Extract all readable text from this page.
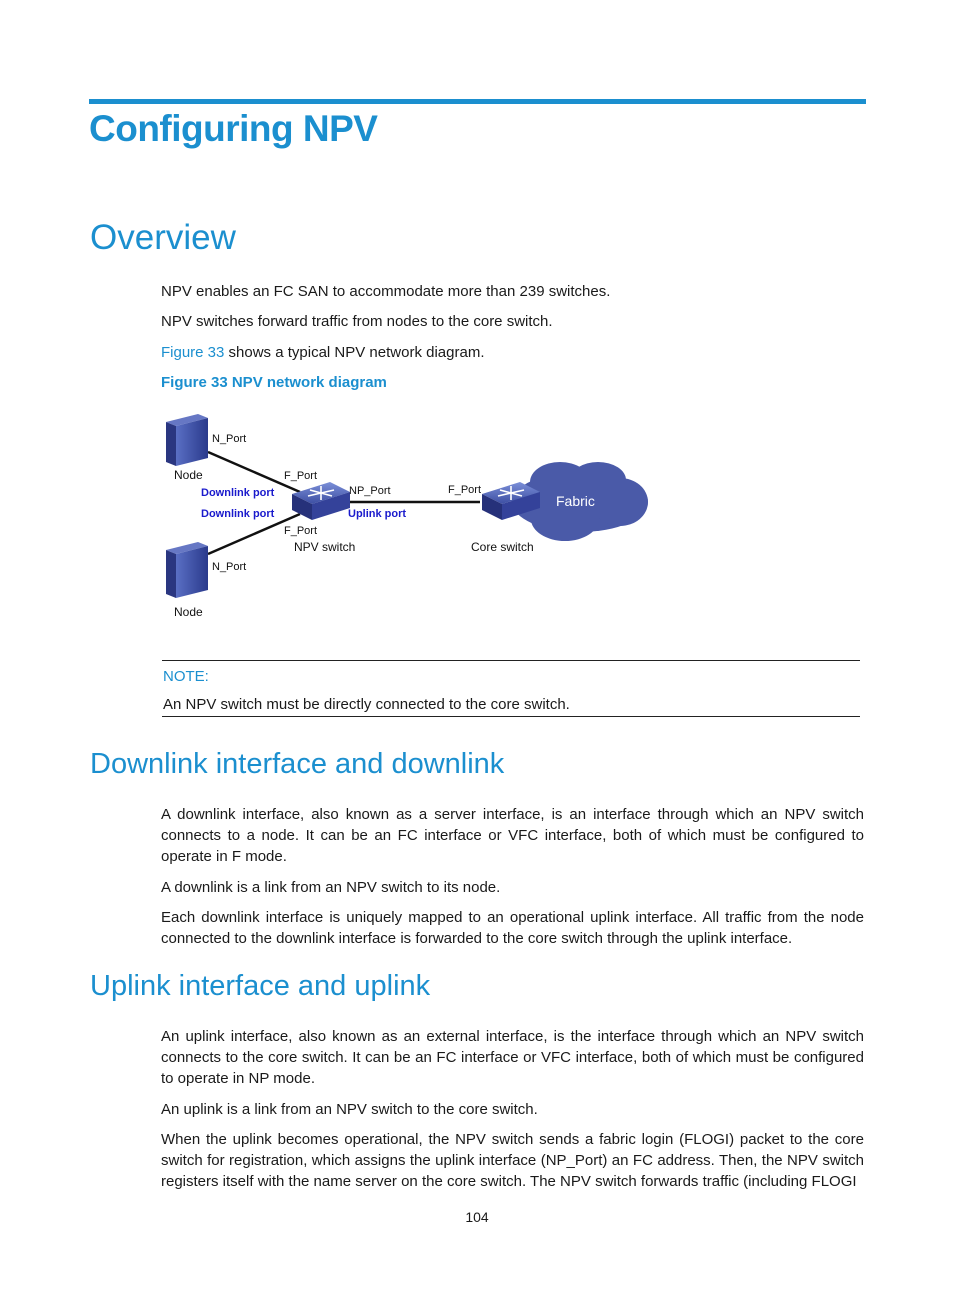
Configuring NPV
Overview

NPV enables an FC SAN to accommodate more than 239 switches.

NPV switches forward traffic from nodes to the core switch.

Figure 33 shows a typical NPV network diagram.

Figure 33 NPV network diagram

N_Port
Node	F_Port
Downlink port
Downlink port
F_Port
NPV switch
NP_Port
Uplink port
F_Port
Core switch
Fabric
N_Port
Node

NOTE:

An NPV switch must be directly connected to the core switch.

Downlink interface and downlink

A downlink interface, also known as a server interface, is an interface through which an NPV switch connects to a node. It can be an FC interface or VFC interface, both of which must be configured to operate in F mode.

A downlink is a link from an NPV switch to its node.

Each downlink interface is uniquely mapped to an operational uplink interface. All traffic from the node connected to the downlink interface is forwarded to the core switch through the uplink interface.

Uplink interface and uplink

An uplink interface, also known as an external interface, is the interface through which an NPV switch connects to the core switch. It can be an FC interface or VFC interface, both of which must be configured to operate in NP mode.

An uplink is a link from an NPV switch to the core switch.

When the uplink becomes operational, the NPV switch sends a fabric login (FLOGI) packet to the core switch for registration, which assigns the uplink interface (NP_Port) an FC address. Then, the NPV switch registers itself with the name server on the core switch. The NPV switch forwards traffic (including FLOGI

104
